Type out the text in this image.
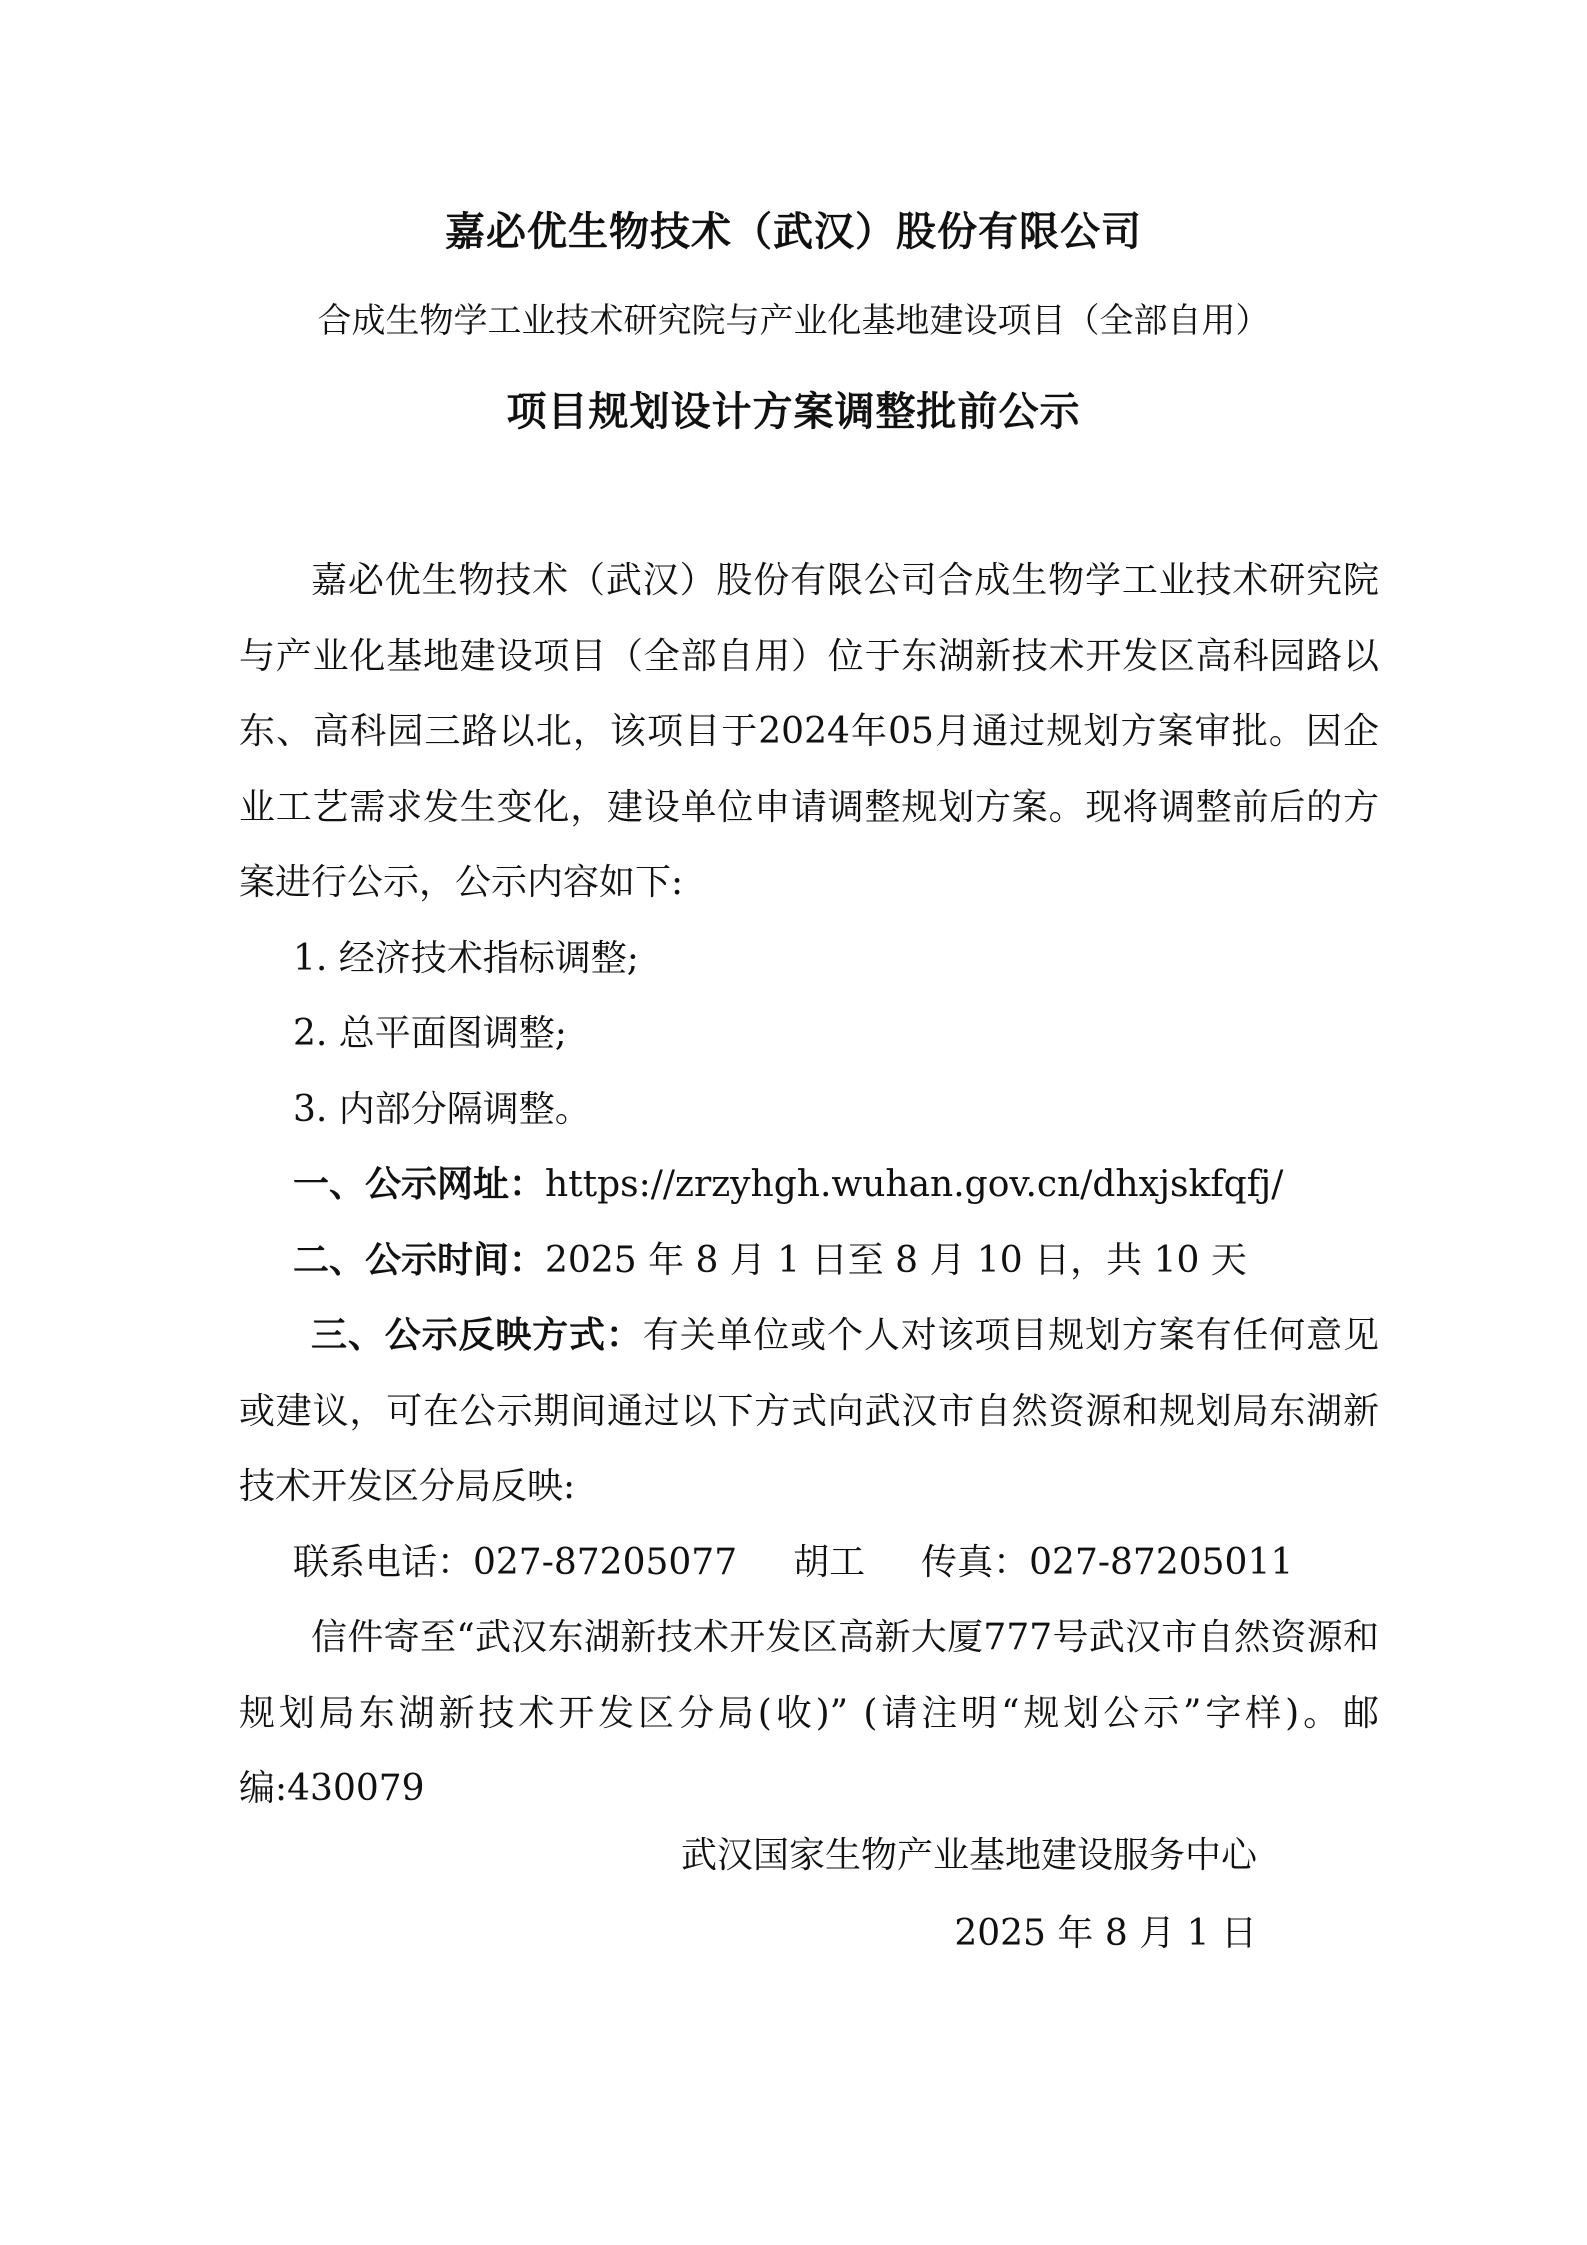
嘉必优生物技术（武汉）股份有限公司
合成生物学工业技术研究院与产业化基地建设项目（全部自用）
项目规划设计方案调整批前公示

嘉必优生物技术（武汉）股份有限公司合成生物学工业技术研究院与产业化基地建设项目（全部自用）位于东湖新技术开发区高科园路以东、高科园三路以北，该项目于2024年05月通过规划方案审批。因企业工艺需求发生变化，建设单位申请调整规划方案。现将调整前后的方案进行公示，公示内容如下:

1. 经济技术指标调整;

2. 总平面图调整;

3. 内部分隔调整。

一、公示网址：https://zrzyhgh.wuhan.gov.cn/dhxjskfqfj/

二、公示时间：2025 年 8 月 1 日至 8 月 10 日，共 10 天

三、公示反映方式：有关单位或个人对该项目规划方案有任何意见或建议，可在公示期间通过以下方式向武汉市自然资源和规划局东湖新技术开发区分局反映:

联系电话：027-87205077 胡工 传真：027-87205011

信件寄至“武汉东湖新技术开发区高新大厦777号武汉市自然资源和规划局东湖新技术开发区分局(收)” (请注明“规划公示”字样)。邮编:430079

武汉国家生物产业基地建设服务中心
2025 年 8 月 1 日
